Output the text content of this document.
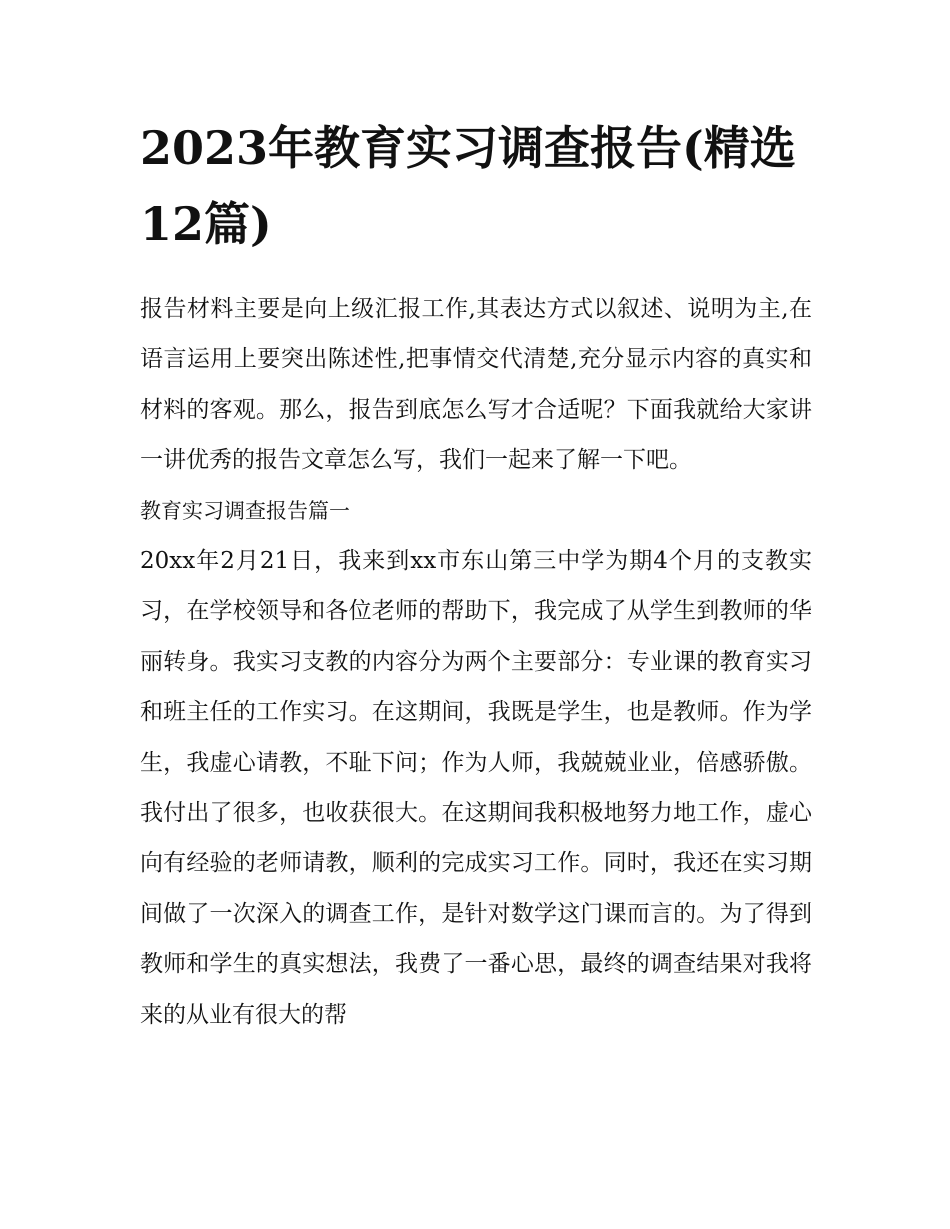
2023年教育实习调查报告(精选12篇)

报告材料主要是向上级汇报工作,其表达方式以叙述、说明为主,在语言运用上要突出陈述性,把事情交代清楚,充分显示内容的真实和材料的客观。那么，报告到底怎么写才合适呢？下面我就给大家讲一讲优秀的报告文章怎么写，我们一起来了解一下吧。

教育实习调查报告篇一

20xx年2月21日，我来到xx市东山第三中学为期4个月的支教实习，在学校领导和各位老师的帮助下，我完成了从学生到教师的华丽转身。我实习支教的内容分为两个主要部分：专业课的教育实习和班主任的工作实习。在这期间，我既是学生，也是教师。作为学生，我虚心请教，不耻下问；作为人师，我兢兢业业，倍感骄傲。我付出了很多，也收获很大。在这期间我积极地努力地工作，虚心向有经验的老师请教，顺利的完成实习工作。同时，我还在实习期间做了一次深入的调查工作，是针对数学这门课而言的。为了得到教师和学生的真实想法，我费了一番心思，最终的调查结果对我将来的从业有很大的帮
